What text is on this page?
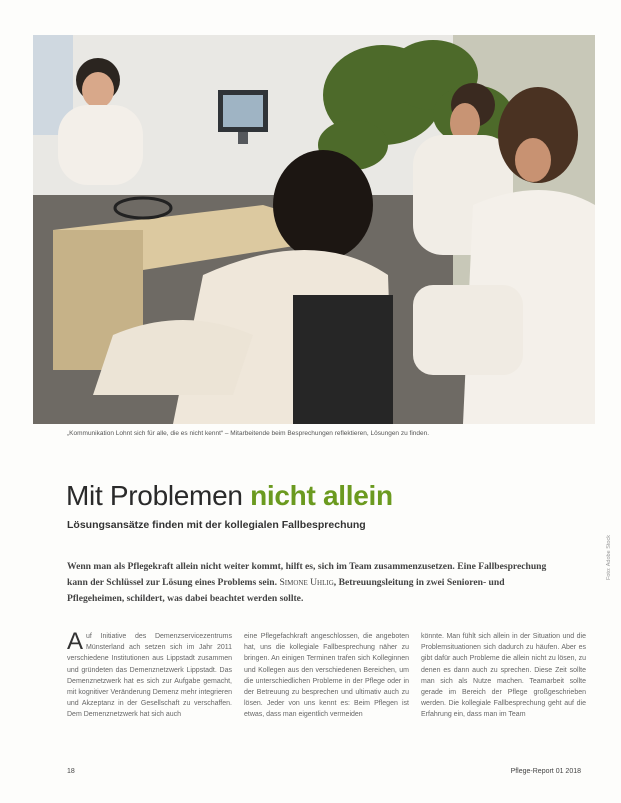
„Kommunikation Lohnt sich für alle, die es nicht kennt“ – Mitarbeitende beim Besprechungen reflektieren, Lösungen zu finden.
Mit Problemen nicht allein
Lösungsansätze finden mit der kollegialen Fallbesprechung
Wenn man als Pflegekraft allein nicht weiter kommt, hilft es, sich im Team zusammenzusetzen. Eine Fallbesprechung kann der Schlüssel zur Lösung eines Problems sein. Simone Uhlig, Betreuungsleitung in zwei Senioren- und Pflegeheimen, schildert, was dabei beachtet werden sollte.
A uf Initiative des Demenzservicezentrums Münsterland ach setzen sich im Jahr 2011 verschiedene Institutionen aus Lippstadt zusammen und gründeten das Demenznetzwerk Lippstadt. Das Demenznetzwerk hat es sich zur Aufgabe gemacht, mit kognitiver Veränderung Demenz mehr integrieren und Akzeptanz in der Gesellschaft zu verschaffen. Dem Demenznetzwerk hat sich auch
eine Pflegefachkraft angeschlossen, die angeboten hat, uns die kollegiale Fallbesprechung näher zu bringen. An einigen Terminen trafen sich Kolleginnen und Kollegen aus den verschiedenen Bereichen, um die unterschiedlichen Probleme in der Pflege oder in der Betreuung zu besprechen und ultimativ auch zu lösen. Jeder von uns kennt es: Beim Pflegen ist etwas, dass man eigentlich vermeiden
könnte. Man fühlt sich allein in der Situation und die Problemsituationen sich dadurch zu häufen. Aber es gibt dafür auch Probleme die allein nicht zu lösen, zu denen es dann auch zu sprechen. Diese Zeit sollte man sich als Nutze machen. Teamarbeit sollte gerade im Bereich der Pflege großgeschrieben werden. Die kollegiale Fallbesprechung geht auf die Erfahrung ein, dass man im Team
Foto: Adobe Stock
18	Pflege-Report 01 2018
